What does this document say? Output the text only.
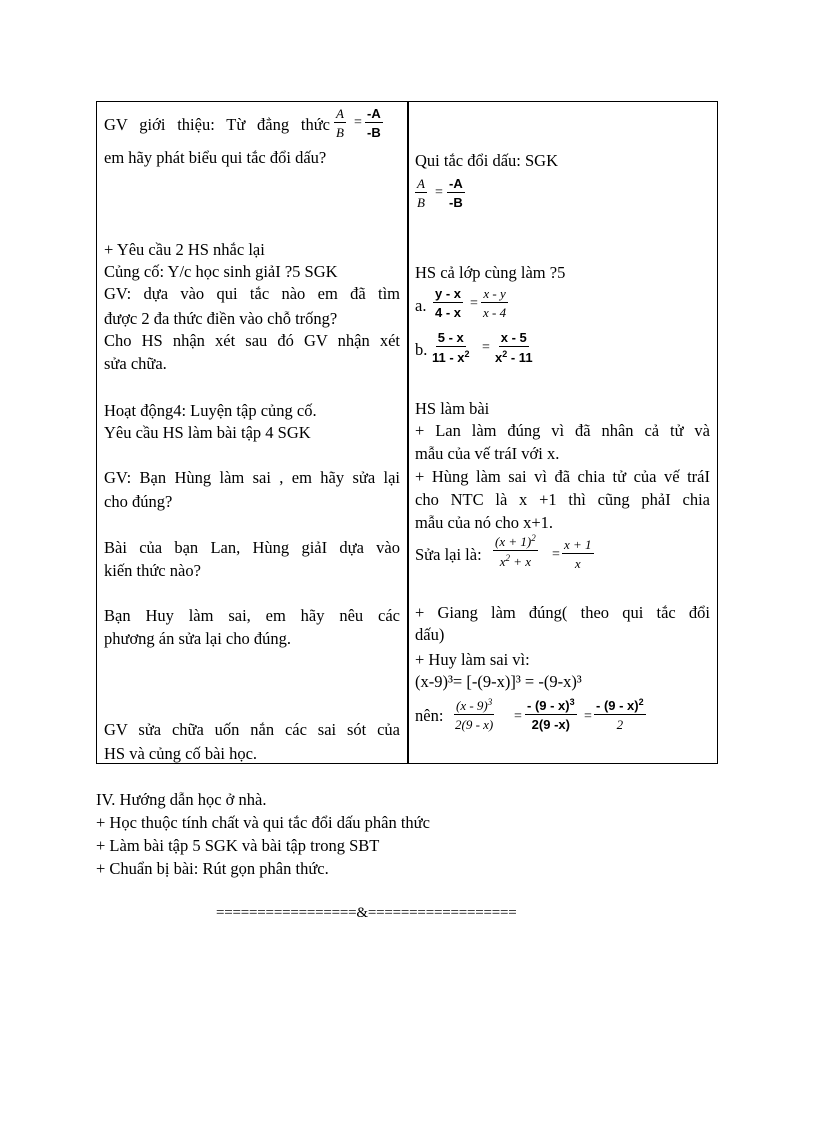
GV giới thiệu: Từ đẳng thức $\frac{A}{B} = \frac{-A}{-B}$
em hãy phát biểu qui tắc đổi dấu?
+ Yêu cầu 2 HS nhắc lại
Củng cố: Y/c học sinh giảI ?5 SGK
GV: dựa vào qui tắc nào em đã tìm
được 2 đa thức điền vào chỗ trống?
Cho HS nhận xét sau đó GV nhận xét
sửa chữa.
Hoạt động4: Luyện tập củng cố.
Yêu cầu HS làm bài tập 4 SGK
GV: Bạn Hùng làm sai , em hãy sửa lại
cho đúng?
Bài của bạn Lan, Hùng giảI dựa vào
kiến thức nào?
Bạn Huy làm sai, em hãy nêu các
phương án sửa lại cho đúng.
GV sửa chữa uốn nắn các sai sót của
HS và củng cố bài học.
Qui tắc đổi dấu: SGK
$\frac{A}{B} = \frac{-A}{-B}$
HS cả lớp cùng làm ?5
a. $\frac{y - x}{4 - x} = \frac{x - y}{x - 4}$
b. $\frac{5 - x}{11 - x^2} = \frac{x - 5}{x^2 - 11}$
HS làm bài
+ Lan làm đúng vì đã nhân cả tử và
mẫu của vế tráI với x.
+ Hùng làm sai vì đã chia tử của vế tráI
cho NTC là x +1 thì cũng phảI chia
mẫu của nó cho x+1.
Sửa lại là: $\frac{(x + 1)^2}{x^2 + x} = \frac{x + 1}{x}$
+ Giang làm đúng( theo qui tắc đổi
dấu)
+ Huy làm sai vì:
(x-9)³= [-(9-x)]³ = -(9-x)³
nên: $\frac{(x - 9)^3}{2(9 - x)} = \frac{- (9 - x)^3}{2(9 -x)} = \frac{- (9 - x)^2}{2}$
IV. Hướng dẫn học ở nhà.
+ Học thuộc tính chất và qui tắc đổi dấu phân thức
+ Làm bài tập 5 SGK và bài tập trong SBT
+ Chuẩn bị bài: Rút gọn phân thức.
=================&==================
